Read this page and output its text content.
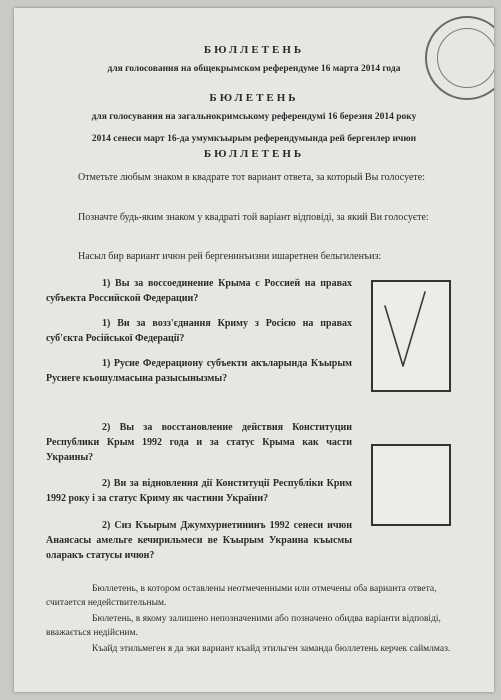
БЮЛЛЕТЕНЬ
для голосования на общекрымском референдуме 16 марта 2014 года
БЮЛЕТЕНЬ
для голосування на загальнокримському референдумі 16 березня 2014 року
2014 сенеси март 16-да умумкъырым референдумында рей бергенлер ичюн
БЮЛЛЕТЕНЬ
Отметьте любым знаком в квадрате тот вариант ответа, за который Вы голосуете:
Позначте будь-яким знаком у квадраті той варіант відповіді, за який Ви голосуєте:
Насыл бир вариант ичюн рей бергенинъизни ишаретнен бельгиленъиз:
1) Вы за воссоединение Крыма с Россией на правах субъекта Российской Федерации?
1) Ви за возз'єднання Криму з Росією на правах суб'єкта Російської Федерації?
1) Русие Федерациону субъекти акъларында Къырым Русиеге къошулмасына разысынызмы?
2) Вы за восстановление действия Конституции Республики Крым 1992 года и за статус Крыма как части Украины?
2) Ви за відновлення дії Конституції Республіки Крим 1992 року і за статус Криму як частини України?
2) Сиз Къырым Джумхуриетининъ 1992 сенеси ичюн Анаясасы амельге кечирильмеси ве Къырым Украина къысмы оларакъ статусы ичюн?
Бюллетень, в котором оставлены неотмеченными или отмечены оба варианта ответа, считается недействительным.
Бюлетень, в якому залишено непозначеними або позначено обидва варіанти відповіді, вважається недійсним.
Къайд этильмеген я да эки вариант къайд этильген заманда бюллетень керчек саймлмаз.
